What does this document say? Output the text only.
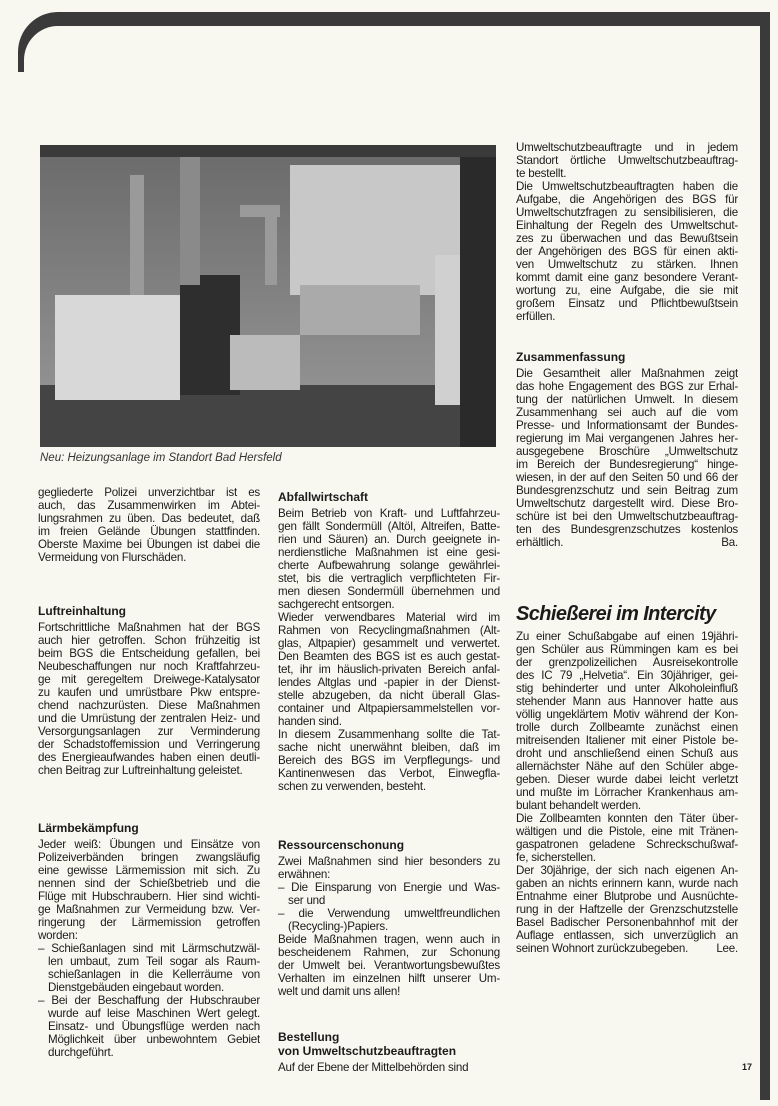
Neu: Heizungsanlage im Standort Bad Hersfeld
gegliederte Polizei unverzichtbar ist es
auch, das Zusammenwirken im Abtei-
lungsrahmen zu üben. Das bedeutet, daß
im freien Gelände Übungen stattfinden.
Oberste Maxime bei Übungen ist dabei die
Vermeidung von Flurschäden.
Luftreinhaltung
Fortschrittliche Maßnahmen hat der BGS
auch hier getroffen. Schon frühzeitig ist
beim BGS die Entscheidung gefallen, bei
Neubeschaffungen nur noch Kraftfahrzeu-
ge mit geregeltem Dreiwege-Katalysator
zu kaufen und umrüstbare Pkw entspre-
chend nachzurüsten. Diese Maßnahmen
und die Umrüstung der zentralen Heiz- und
Versorgungsanlagen zur Verminderung
der Schadstoffemission und Verringerung
des Energieaufwandes haben einen deutli-
chen Beitrag zur Luftreinhaltung geleistet.
Lärmbekämpfung
Jeder weiß: Übungen und Einsätze von
Polizeiverbänden bringen zwangsläufig
eine gewisse Lärmemission mit sich. Zu
nennen sind der Schießbetrieb und die
Flüge mit Hubschraubern. Hier sind wichti-
ge Maßnahmen zur Vermeidung bzw. Ver-
ringerung der Lärmemission getroffen
worden:
– Schießanlagen sind mit Lärmschutzwäl-
len umbaut, zum Teil sogar als Raum-
schießanlagen in die Kellerräume von
Dienstgebäuden eingebaut worden.
– Bei der Beschaffung der Hubschrauber
wurde auf leise Maschinen Wert gelegt.
Einsatz- und Übungsflüge werden nach
Möglichkeit über unbewohntem Gebiet
durchgeführt.
Abfallwirtschaft
Beim Betrieb von Kraft- und Luftfahrzeu-
gen fällt Sondermüll (Altöl, Altreifen, Batte-
rien und Säuren) an. Durch geeignete in-
nerdienstliche Maßnahmen ist eine gesi-
cherte Aufbewahrung solange gewährlei-
stet, bis die vertraglich verpflichteten Fir-
men diesen Sondermüll übernehmen und
sachgerecht entsorgen.
Wieder verwendbares Material wird im
Rahmen von Recyclingmaßnahmen (Alt-
glas, Altpapier) gesammelt und verwertet.
Den Beamten des BGS ist es auch gestat-
tet, ihr im häuslich-privaten Bereich anfal-
lendes Altglas und -papier in der Dienst-
stelle abzugeben, da nicht überall Glas-
container und Altpapiersammelstellen vor-
handen sind.
In diesem Zusammenhang sollte die Tat-
sache nicht unerwähnt bleiben, daß im
Bereich des BGS im Verpflegungs- und
Kantinenwesen das Verbot, Einwegfla-
schen zu verwenden, besteht.
Ressourcenschonung
Zwei Maßnahmen sind hier besonders zu
erwähnen:
– Die Einsparung von Energie und Was-
ser und
– die Verwendung umweltfreundlichen
(Recycling-)Papiers.
Beide Maßnahmen tragen, wenn auch in
bescheidenem Rahmen, zur Schonung
der Umwelt bei. Verantwortungsbewußtes
Verhalten im einzelnen hilft unserer Um-
welt und damit uns allen!
Bestellung
von Umweltschutzbeauftragten
Auf der Ebene der Mittelbehörden sind
Umweltschutzbeauftragte und in jedem
Standort örtliche Umweltschutzbeauftrag-
te bestellt.
Die Umweltschutzbeauftragten haben die
Aufgabe, die Angehörigen des BGS für
Umweltschutzfragen zu sensibilisieren, die
Einhaltung der Regeln des Umweltschut-
zes zu überwachen und das Bewußtsein
der Angehörigen des BGS für einen akti-
ven Umweltschutz zu stärken. Ihnen
kommt damit eine ganz besondere Verant-
wortung zu, eine Aufgabe, die sie mit
großem Einsatz und Pflichtbewußtsein
erfüllen.
Zusammenfassung
Die Gesamtheit aller Maßnahmen zeigt
das hohe Engagement des BGS zur Erhal-
tung der natürlichen Umwelt. In diesem
Zusammenhang sei auch auf die vom
Presse- und Informationsamt der Bundes-
regierung im Mai vergangenen Jahres her-
ausgegebene Broschüre „Umweltschutz
im Bereich der Bundesregierung“ hinge-
wiesen, in der auf den Seiten 50 und 66 der
Bundesgrenzschutz und sein Beitrag zum
Umweltschutz dargestellt wird. Diese Bro-
schüre ist bei den Umweltschutzbeauftrag-
ten des Bundesgrenzschutzes kostenlos
erhältlich.	Ba.
Schießerei im Intercity
Zu einer Schußabgabe auf einen 19jähri-
gen Schüler aus Rümmingen kam es bei
der grenzpolizeilichen Ausreisekontrolle
des IC 79 „Helvetia“. Ein 30jähriger, gei-
stig behinderter und unter Alkoholeinfluß
stehender Mann aus Hannover hatte aus
völlig ungeklärtem Motiv während der Kon-
trolle durch Zollbeamte zunächst einen
mitreisenden Italiener mit einer Pistole be-
droht und anschließend einen Schuß aus
allernächster Nähe auf den Schüler abge-
geben. Dieser wurde dabei leicht verletzt
und mußte im Lörracher Krankenhaus am-
bulant behandelt werden.
Die Zollbeamten konnten den Täter über-
wältigen und die Pistole, eine mit Tränen-
gaspatronen geladene Schreckschußwaf-
fe, sicherstellen.
Der 30jährige, der sich nach eigenen An-
gaben an nichts erinnern kann, wurde nach
Entnahme einer Blutprobe und Ausnüchte-
rung in der Haftzelle der Grenzschutzstelle
Basel Badischer Personenbahnhof mit der
Auflage entlassen, sich unverzüglich an
seinen Wohnort zurückzubegeben. Lee.
17
